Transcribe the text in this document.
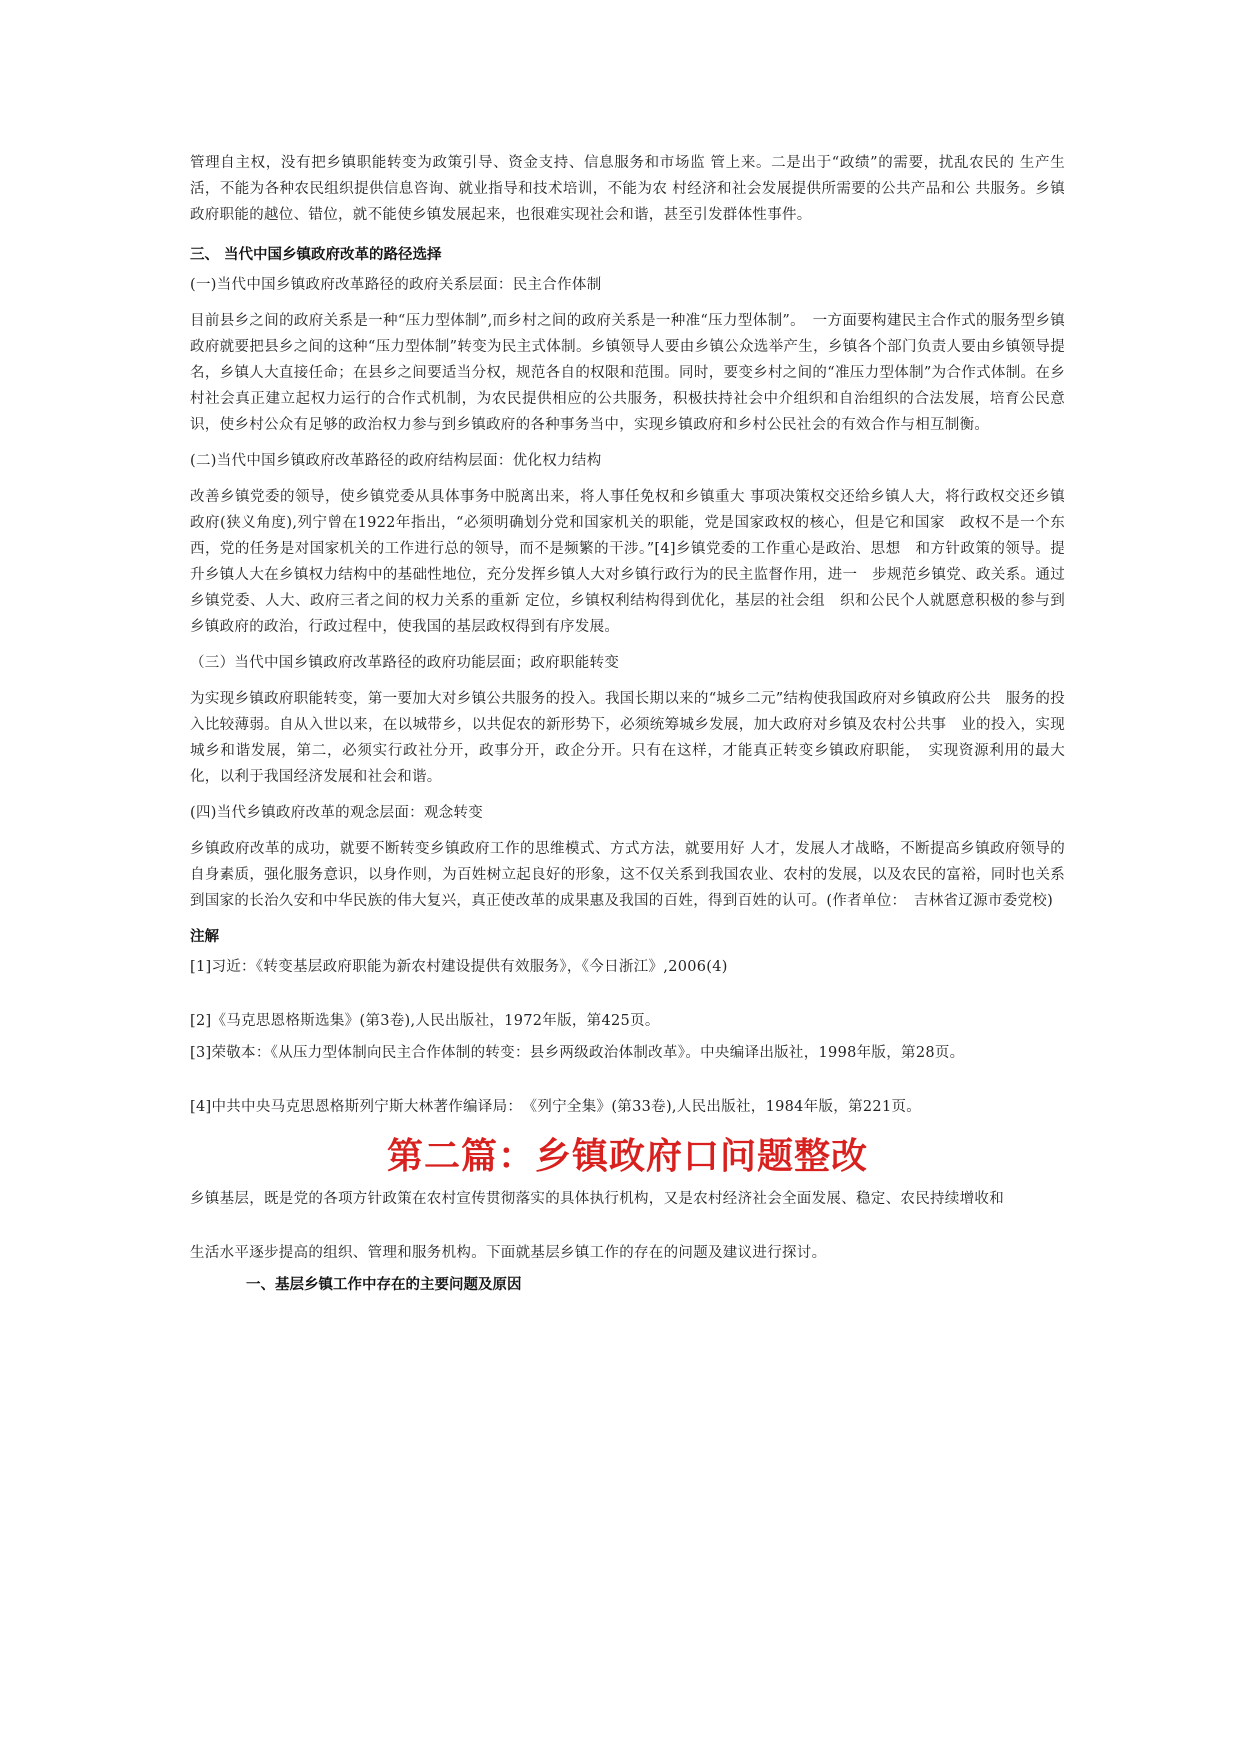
管理自主权，没有把乡镇职能转变为政策引导、资金支持、信息服务和市场监 管上来。二是出于“政绩”的需要，扰乱农民的 生产生活，不能为各种农民组织提供信息咨询、就业指导和技术培训，不能为农 村经济和社会发展提供所需要的公共产品和公 共服务。乡镇政府职能的越位、错位，就不能使乡镇发展起来，也很难实现社会和谐，甚至引发群体性事件。

三、 当代中国乡镇政府改革的路径选择

(一)当代中国乡镇政府改革路径的政府关系层面：民主合作体制

目前县乡之间的政府关系是一种“压力型体制”,而乡村之间的政府关系是一种准“压力型体制”。　一方面要构建民主合作式的服务型乡镇政府就要把县乡之间的这种“压力型体制”转变为民主式体制。乡镇领导人要由乡镇公众选举产生，乡镇各个部门负责人要由乡镇领导提名，乡镇人大直接任命；在县乡之间要适当分权，规范各自的权限和范围。同时，要变乡村之间的“准压力型体制”为合作式体制。在乡村社会真正建立起权力运行的合作式机制，为农民提供相应的公共服务，积极扶持社会中介组织和自治组织的合法发展，培育公民意识，使乡村公众有足够的政治权力参与到乡镇政府的各种事务当中，实现乡镇政府和乡村公民社会的有效合作与相互制衡。

(二)当代中国乡镇政府改革路径的政府结构层面：优化权力结构

改善乡镇党委的领导，使乡镇党委从具体事务中脱离出来，将人事任免权和乡镇重大 事项决策权交还给乡镇人大，将行政权交还乡镇政府(狭义角度),列宁曾在1922年指出，“必须明确划分党和国家机关的职能，党是国家政权的核心，但是它和国家　政权不是一个东西，党的任务是对国家机关的工作进行总的领导，而不是频繁的干涉。”[4]乡镇党委的工作重心是政治、思想　和方针政策的领导。提升乡镇人大在乡镇权力结构中的基础性地位，充分发挥乡镇人大对乡镇行政行为的民主监督作用，进一　步规范乡镇党、政关系。通过乡镇党委、人大、政府三者之间的权力关系的重新 定位，乡镇权利结构得到优化，基层的社会组　织和公民个人就愿意积极的参与到乡镇政府的政治，行政过程中，使我国的基层政权得到有序发展。

（三）当代中国乡镇政府改革路径的政府功能层面；政府职能转变

为实现乡镇政府职能转变，第一要加大对乡镇公共服务的投入。我国长期以来的“城乡二元”结构使我国政府对乡镇政府公共　服务的投入比较薄弱。自从入世以来，在以城带乡，以共促农的新形势下，必须统筹城乡发展，加大政府对乡镇及农村公共事　业的投入，实现城乡和谐发展，第二，必须实行政社分开，政事分开，政企分开。只有在这样，才能真正转变乡镇政府职能，　实现资源利用的最大化，以利于我国经济发展和社会和谐。

(四)当代乡镇政府改革的观念层面：观念转变

乡镇政府改革的成功，就要不断转变乡镇政府工作的思维模式、方式方法，就要用好 人才，发展人才战略，不断提高乡镇政府领导的自身素质，强化服务意识，以身作则，为百姓树立起良好的形象，这不仅关系到我国农业、农村的发展，以及农民的富裕，同时也关系到国家的长治久安和中华民族的伟大复兴，真正使改革的成果惠及我国的百姓，得到百姓的认可。(作者单位：　吉林省辽源市委党校)

注解

[1]习近：《转变基层政府职能为新农村建设提供有效服务》，《今日浙江》,2006(4)

[2]《马克思恩格斯选集》(第3卷),人民出版社，1972年版，第425页。

[3]荣敬本：《从压力型体制向民主合作体制的转变：县乡两级政治体制改革》。中央编译出版社，1998年版，第28页。

[4]中共中央马克思恩格斯列宁斯大林著作编译局：　《列宁全集》(第33卷),人民出版社，1984年版，第221页。

第二篇：乡镇政府口问题整改

乡镇基层，既是党的各项方针政策在农村宣传贯彻落实的具体执行机构，又是农村经济社会全面发展、稳定、农民持续增收和

生活水平逐步提高的组织、管理和服务机构。下面就基层乡镇工作的存在的问题及建议进行探讨。

一、基层乡镇工作中存在的主要问题及原因
